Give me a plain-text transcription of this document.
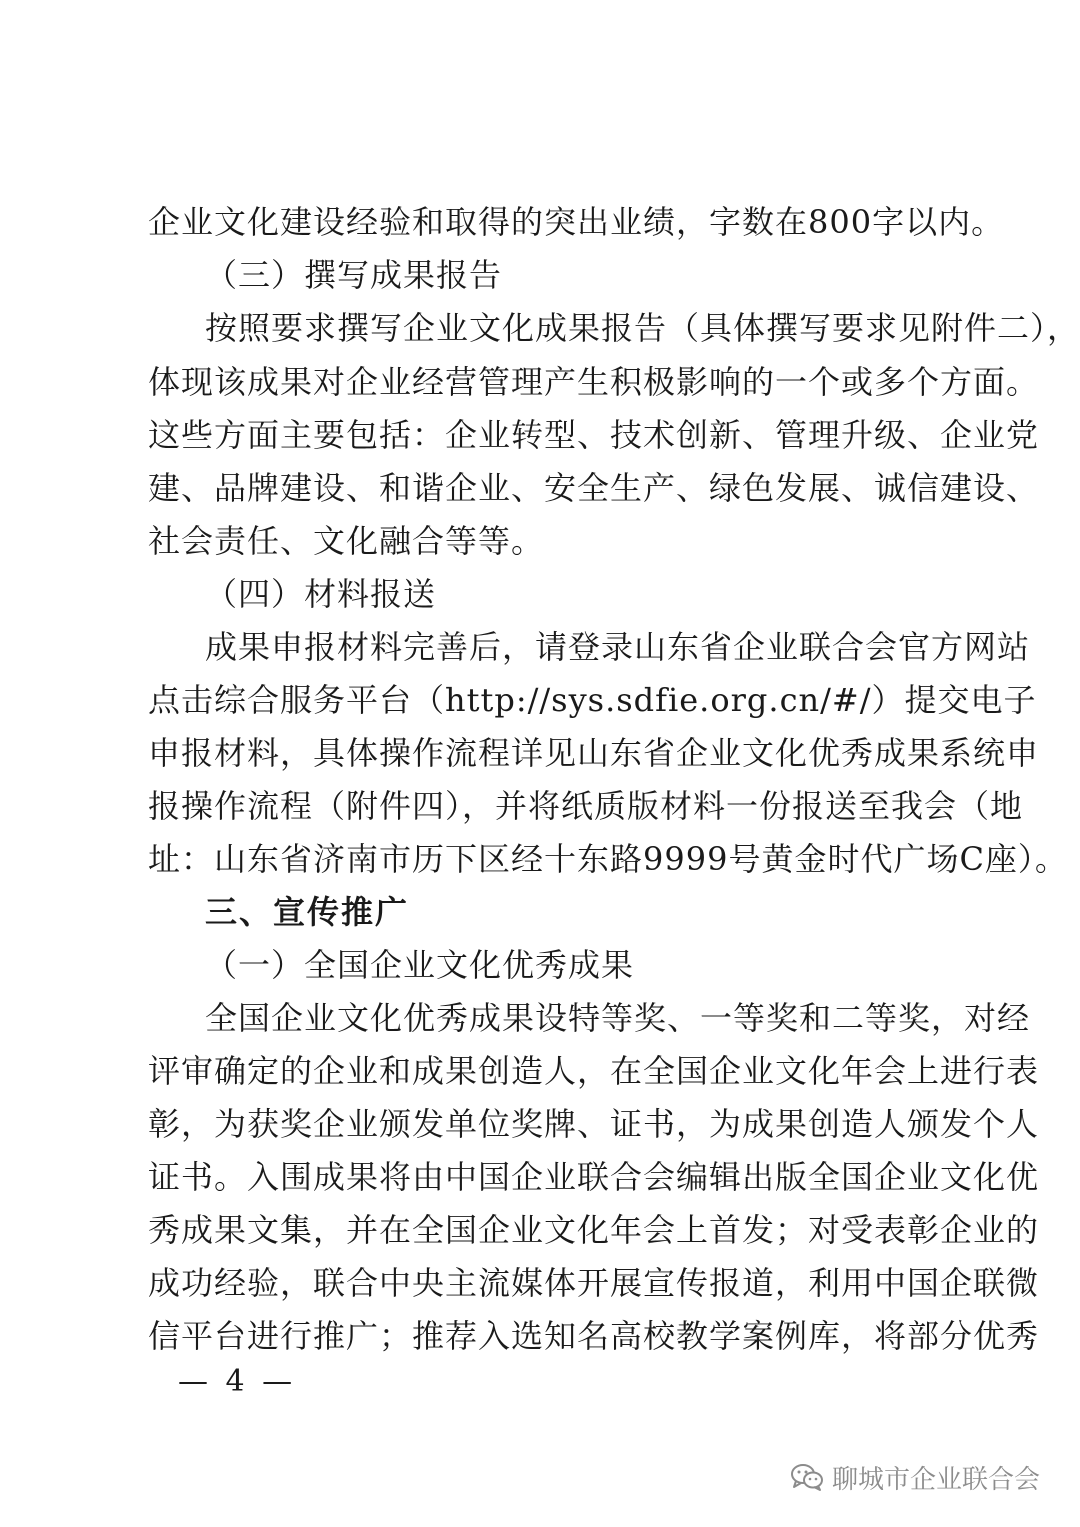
企业文化建设经验和取得的突出业绩，字数在800字以内。
（三）撰写成果报告
按照要求撰写企业文化成果报告（具体撰写要求见附件二），
体现该成果对企业经营管理产生积极影响的一个或多个方面。
这些方面主要包括：企业转型、技术创新、管理升级、企业党
建、品牌建设、和谐企业、安全生产、绿色发展、诚信建设、
社会责任、文化融合等等。
（四）材料报送
成果申报材料完善后，请登录山东省企业联合会官方网站
点击综合服务平台（http://sys.sdfie.org.cn/#/）提交电子
申报材料，具体操作流程详见山东省企业文化优秀成果系统申
报操作流程（附件四），并将纸质版材料一份报送至我会（地
址：山东省济南市历下区经十东路9999号黄金时代广场C座）。
三、宣传推广
（一）全国企业文化优秀成果
全国企业文化优秀成果设特等奖、一等奖和二等奖，对经
评审确定的企业和成果创造人，在全国企业文化年会上进行表
彰，为获奖企业颁发单位奖牌、证书，为成果创造人颁发个人
证书。入围成果将由中国企业联合会编辑出版全国企业文化优
秀成果文集，并在全国企业文化年会上首发；对受表彰企业的
成功经验，联合中央主流媒体开展宣传报道，利用中国企联微
信平台进行推广；推荐入选知名高校教学案例库，将部分优秀
— 4 —
聊城市企业联合会
